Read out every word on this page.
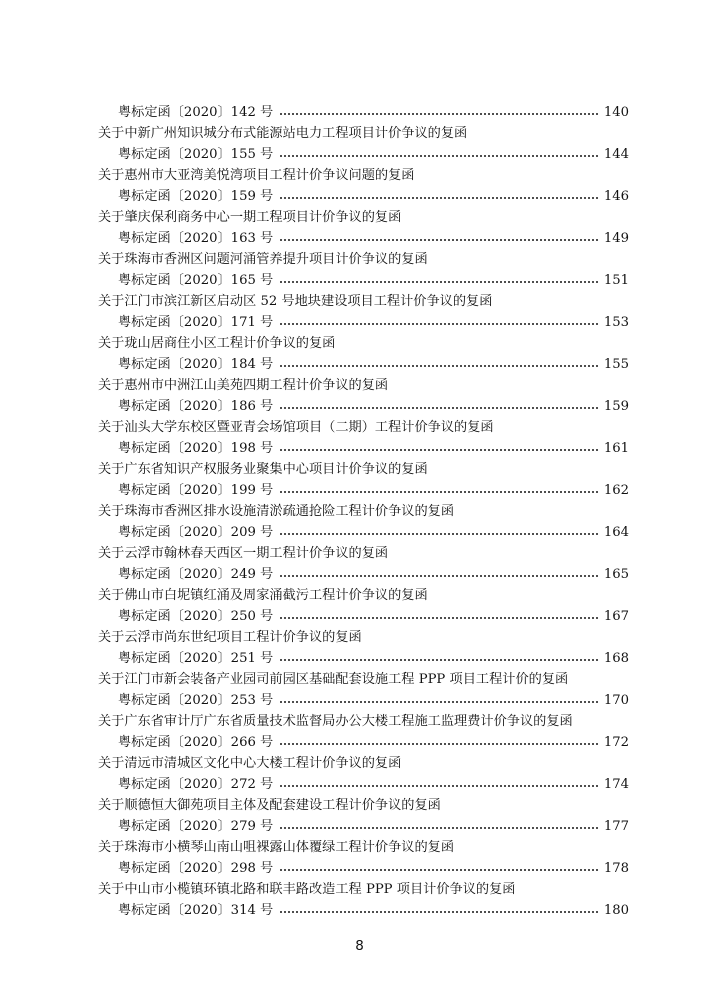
粤标定函〔2020〕142 号	140
关于中新广州知识城分布式能源站电力工程项目计价争议的复函
粤标定函〔2020〕155 号	144
关于惠州市大亚湾美悦湾项目工程计价争议问题的复函
粤标定函〔2020〕159 号	146
关于肇庆保利商务中心一期工程项目计价争议的复函
粤标定函〔2020〕163 号	149
关于珠海市香洲区问题河涌管养提升项目计价争议的复函
粤标定函〔2020〕165 号	151
关于江门市滨江新区启动区 52 号地块建设项目工程计价争议的复函
粤标定函〔2020〕171 号	153
关于珑山居商住小区工程计价争议的复函
粤标定函〔2020〕184 号	155
关于惠州市中洲江山美苑四期工程计价争议的复函
粤标定函〔2020〕186 号	159
关于汕头大学东校区暨亚青会场馆项目（二期）工程计价争议的复函
粤标定函〔2020〕198 号	161
关于广东省知识产权服务业聚集中心项目计价争议的复函
粤标定函〔2020〕199 号	162
关于珠海市香洲区排水设施清淤疏通抢险工程计价争议的复函
粤标定函〔2020〕209 号	164
关于云浮市翰林春天西区一期工程计价争议的复函
粤标定函〔2020〕249 号	165
关于佛山市白坭镇红涌及周家涌截污工程计价争议的复函
粤标定函〔2020〕250 号	167
关于云浮市尚东世纪项目工程计价争议的复函
粤标定函〔2020〕251 号	168
关于江门市新会装备产业园司前园区基础配套设施工程 PPP 项目工程计价的复函
粤标定函〔2020〕253 号	170
关于广东省审计厅广东省质量技术监督局办公大楼工程施工监理费计价争议的复函
粤标定函〔2020〕266 号	172
关于清远市清城区文化中心大楼工程计价争议的复函
粤标定函〔2020〕272 号	174
关于顺德恒大御苑项目主体及配套建设工程计价争议的复函
粤标定函〔2020〕279 号	177
关于珠海市小横琴山南山咀裸露山体覆绿工程计价争议的复函
粤标定函〔2020〕298 号	178
关于中山市小榄镇环镇北路和联丰路改造工程 PPP 项目计价争议的复函
粤标定函〔2020〕314 号	180
8
